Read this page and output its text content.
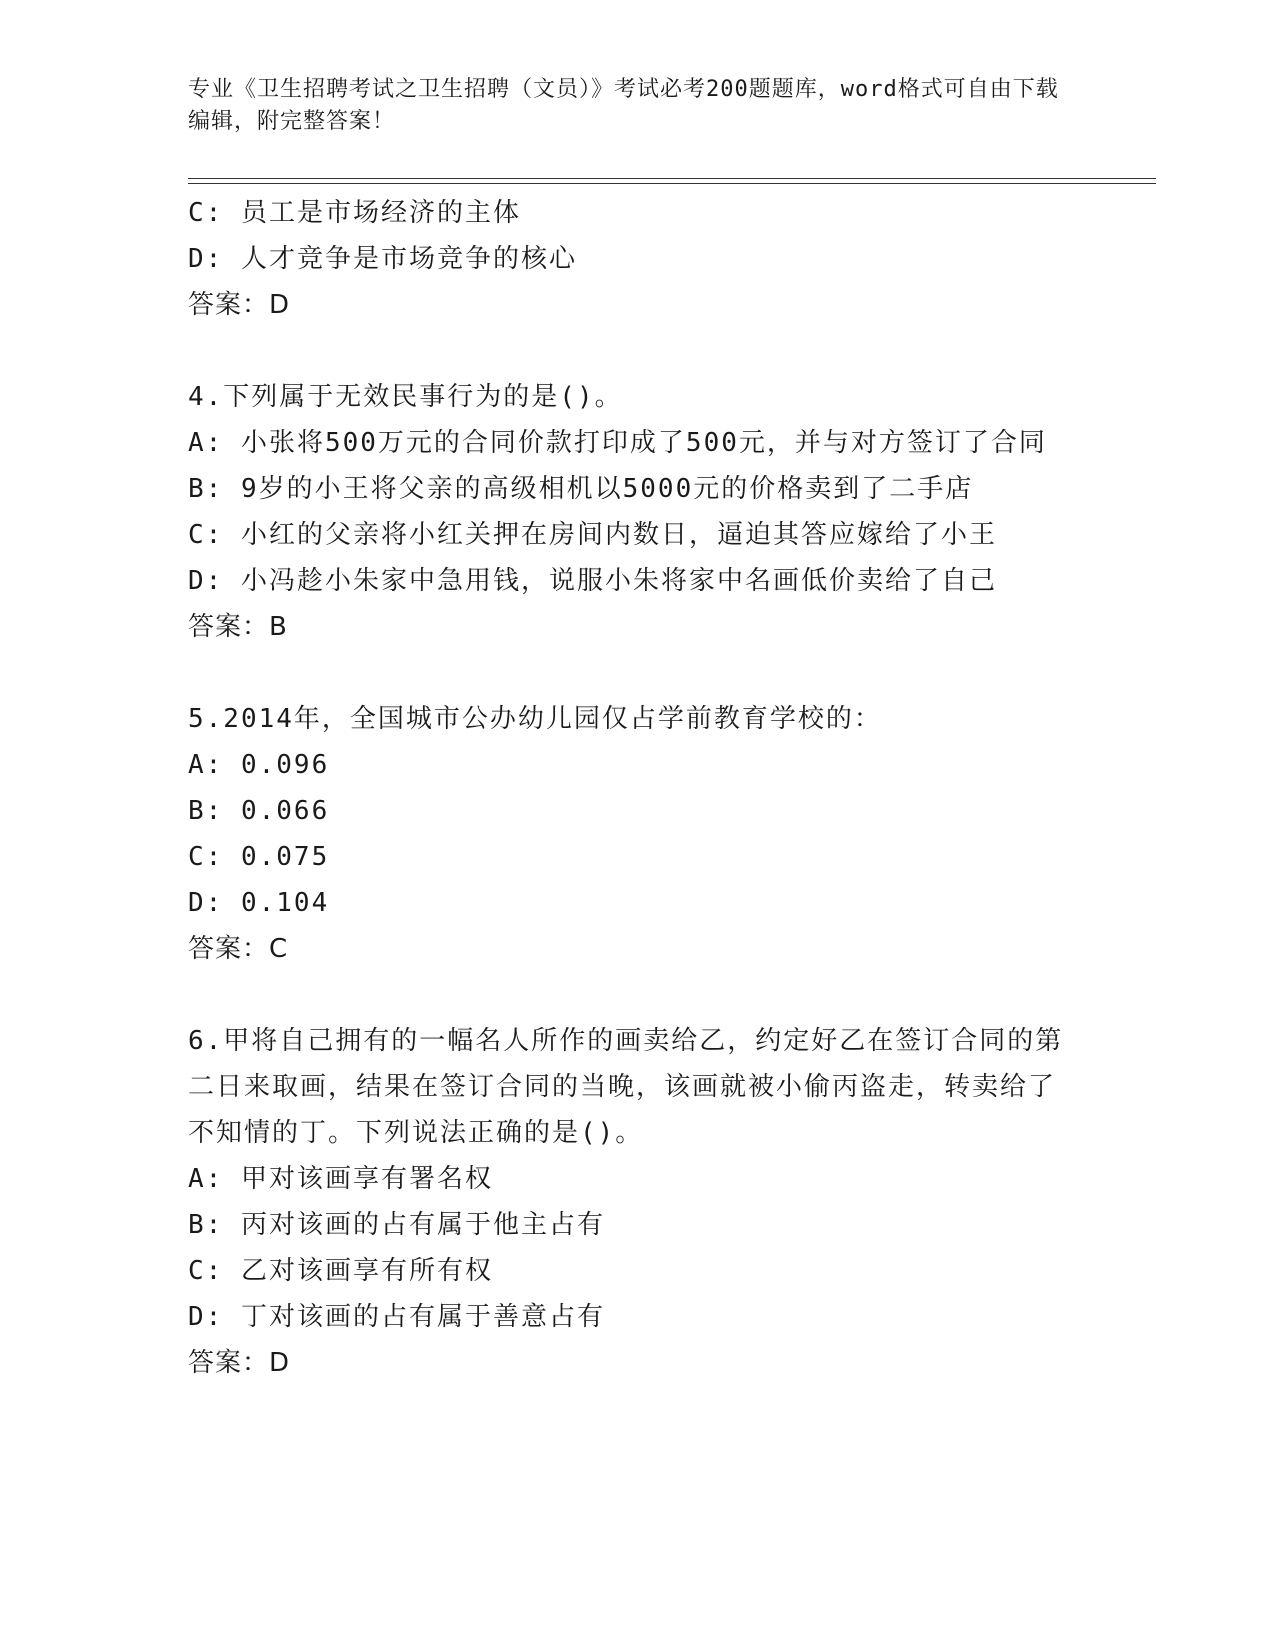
专业《卫生招聘考试之卫生招聘（文员）》考试必考200题题库，word格式可自由下载编辑，附完整答案！
C: 员工是市场经济的主体
D: 人才竞争是市场竞争的核心
答案：D
4.下列属于无效民事行为的是()。
A: 小张将500万元的合同价款打印成了500元，并与对方签订了合同
B: 9岁的小王将父亲的高级相机以5000元的价格卖到了二手店
C: 小红的父亲将小红关押在房间内数日，逼迫其答应嫁给了小王
D: 小冯趁小朱家中急用钱，说服小朱将家中名画低价卖给了自己
答案：B
5.2014年，全国城市公办幼儿园仅占学前教育学校的：
A: 0.096
B: 0.066
C: 0.075
D: 0.104
答案：C
6.甲将自己拥有的一幅名人所作的画卖给乙，约定好乙在签订合同的第二日来取画，结果在签订合同的当晚，该画就被小偷丙盗走，转卖给了不知情的丁。下列说法正确的是()。
A: 甲对该画享有署名权
B: 丙对该画的占有属于他主占有
C: 乙对该画享有所有权
D: 丁对该画的占有属于善意占有
答案：D
